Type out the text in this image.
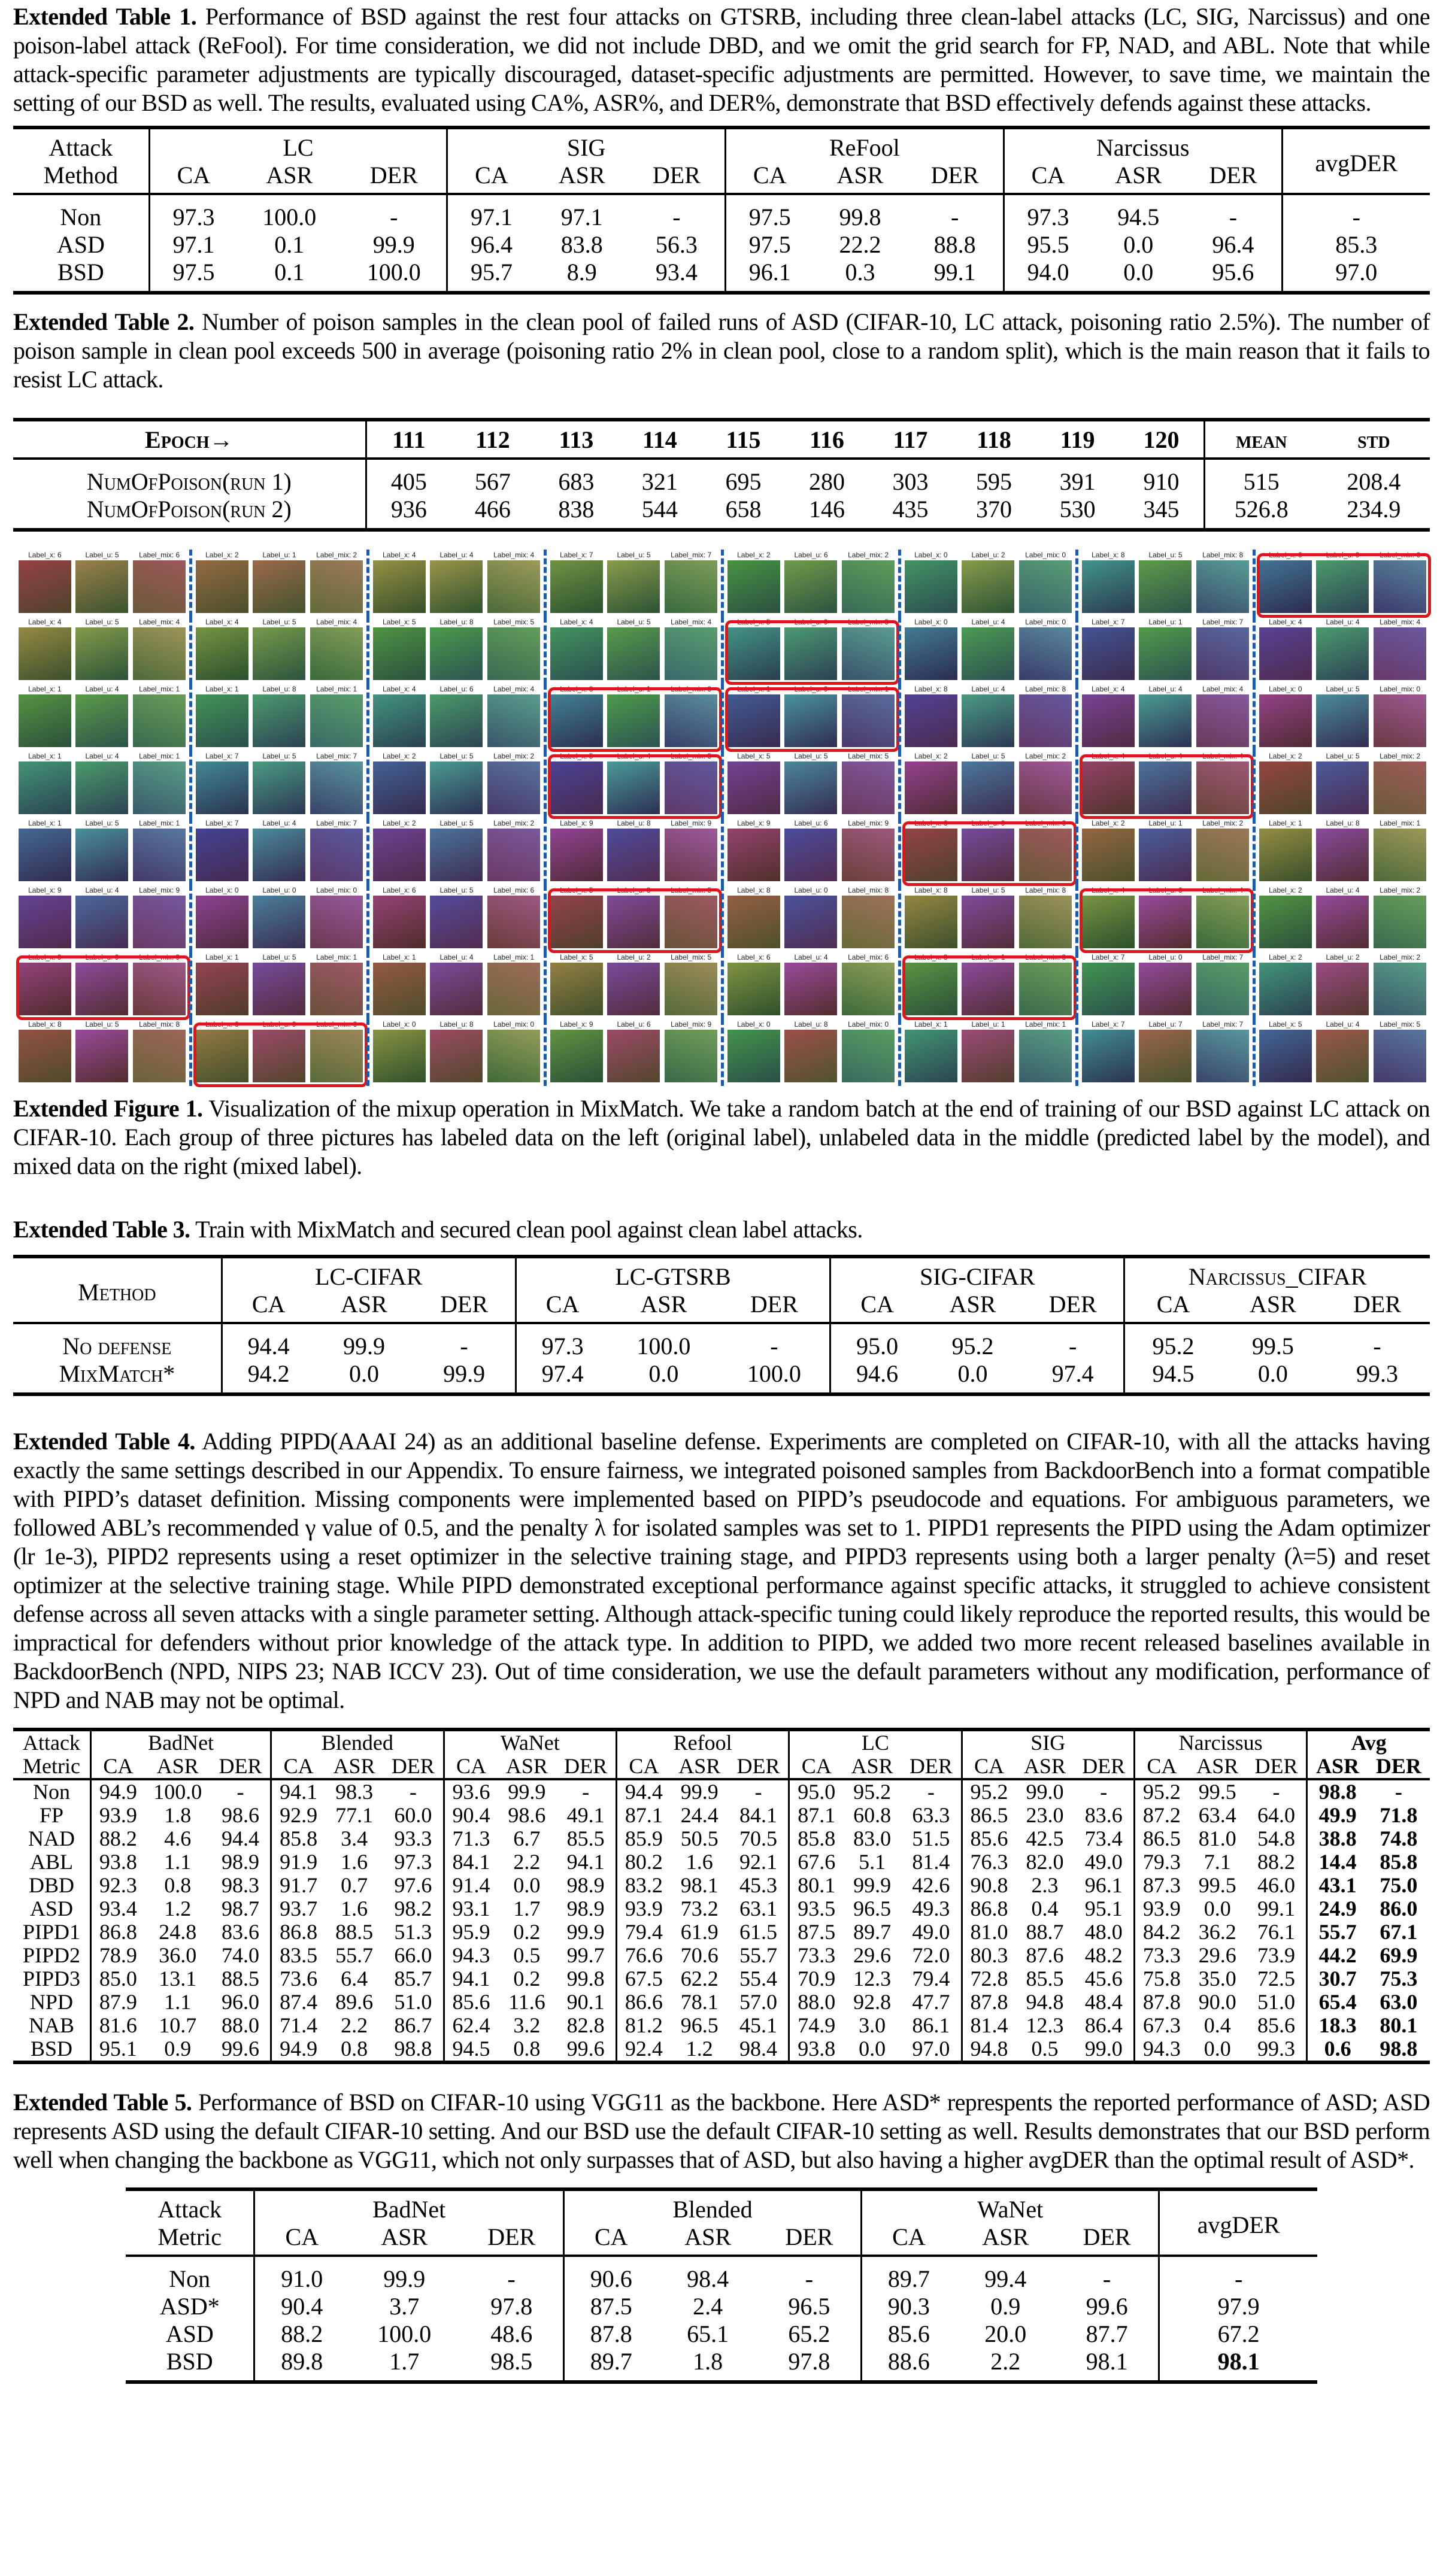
Extended Table 1. Performance of BSD against the rest four attacks on GTSRB, including three clean-label attacks (LC, SIG, Narcissus) and one poison-label attack (ReFool). For time consideration, we did not include DBD, and we omit the grid search for FP, NAD, and ABL. Note that while attack-specific parameter adjustments are typically discouraged, dataset-specific adjustments are permitted. However, to save time, we maintain the setting of our BSD as well. The results, evaluated using CA%, ASR%, and DER%, demonstrate that BSD effectively defends against these attacks.

Attack	LC			SIG			ReFool			Narcissus			avgDER
Method	CA	ASR	DER	CA	ASR	DER	CA	ASR	DER	CA	ASR	DER	
Non	97.3	100.0	-	97.1	97.1	-	97.5	99.8	-	97.3	94.5	-	-
ASD	97.1	0.1	99.9	96.4	83.8	56.3	97.5	22.2	88.8	95.5	0.0	96.4	85.3
BSD	97.5	0.1	100.0	95.7	8.9	93.4	96.1	0.3	99.1	94.0	0.0	95.6	97.0

Extended Table 2. Number of poison samples in the clean pool of failed runs of ASD (CIFAR-10, LC attack, poisoning ratio 2.5%). The number of poison sample in clean pool exceeds 500 in average (poisoning ratio 2% in clean pool, close to a random split), which is the main reason that it fails to resist LC attack.

Epoch→	111	112	113	114	115	116	117	118	119	120	mean	std
NumOfPoison(run 1)	405	567	683	321	695	280	303	595	391	910	515	208.4
NumOfPoison(run 2)	936	466	838	544	658	146	435	370	530	345	526.8	234.9
Label_x: 6	Label_u: 5	Label_mix: 6	Label_x: 2	Label_u: 1	Label_mix: 2	Label_x: 4	Label_u: 4	Label_mix: 4	Label_x: 7	Label_u: 5	Label_mix: 7	Label_x: 2	Label_u: 6	Label_mix: 2	Label_x: 0	Label_u: 2	Label_mix: 0	Label_x: 8	Label_u: 5	Label_mix: 8	Label_x: 6	Label_u: 9	Label_mix: 6
Label_x: 4	Label_u: 5	Label_mix: 4	Label_x: 4	Label_u: 5	Label_mix: 4	Label_x: 5	Label_u: 8	Label_mix: 5	Label_x: 4	Label_u: 5	Label_mix: 4	Label_x: 5	Label_u: 9	Label_mix: 5	Label_x: 0	Label_u: 4	Label_mix: 0	Label_x: 7	Label_u: 1	Label_mix: 7	Label_x: 4	Label_u: 4	Label_mix: 4
Label_x: 1	Label_u: 4	Label_mix: 1	Label_x: 1	Label_u: 8	Label_mix: 1	Label_x: 4	Label_u: 6	Label_mix: 4	Label_x: 8	Label_u: 1	Label_mix: 8	Label_x: 1	Label_u: 9	Label_mix: 1	Label_x: 8	Label_u: 4	Label_mix: 8	Label_x: 4	Label_u: 4	Label_mix: 4	Label_x: 0	Label_u: 5	Label_mix: 0
Label_x: 1	Label_u: 4	Label_mix: 1	Label_x: 7	Label_u: 5	Label_mix: 7	Label_x: 2	Label_u: 5	Label_mix: 2	Label_x: 5	Label_u: 4	Label_mix: 5	Label_x: 5	Label_u: 5	Label_mix: 5	Label_x: 2	Label_u: 5	Label_mix: 2	Label_x: 4	Label_u: 4	Label_mix: 4	Label_x: 2	Label_u: 5	Label_mix: 2
Label_x: 1	Label_u: 5	Label_mix: 1	Label_x: 7	Label_u: 4	Label_mix: 7	Label_x: 2	Label_u: 5	Label_mix: 2	Label_x: 9	Label_u: 8	Label_mix: 9	Label_x: 9	Label_u: 6	Label_mix: 9	Label_x: 6	Label_u: 9	Label_mix: 6	Label_x: 2	Label_u: 1	Label_mix: 2	Label_x: 1	Label_u: 8	Label_mix: 1
Label_x: 9	Label_u: 4	Label_mix: 9	Label_x: 0	Label_u: 0	Label_mix: 0	Label_x: 6	Label_u: 5	Label_mix: 6	Label_x: 5	Label_u: 8	Label_mix: 5	Label_x: 8	Label_u: 0	Label_mix: 8	Label_x: 8	Label_u: 5	Label_mix: 8	Label_x: 4	Label_u: 6	Label_mix: 4	Label_x: 2	Label_u: 4	Label_mix: 2
Label_x: 9	Label_u: 9	Label_mix: 9	Label_x: 1	Label_u: 5	Label_mix: 1	Label_x: 1	Label_u: 4	Label_mix: 1	Label_x: 5	Label_u: 2	Label_mix: 5	Label_x: 6	Label_u: 4	Label_mix: 6	Label_x: 8	Label_u: 1	Label_mix: 8	Label_x: 7	Label_u: 0	Label_mix: 7	Label_x: 2	Label_u: 2	Label_mix: 2
Label_x: 8	Label_u: 5	Label_mix: 8	Label_x: 6	Label_u: 9	Label_mix: 6	Label_x: 0	Label_u: 8	Label_mix: 0	Label_x: 9	Label_u: 6	Label_mix: 9	Label_x: 0	Label_u: 8	Label_mix: 0	Label_x: 1	Label_u: 1	Label_mix: 1	Label_x: 7	Label_u: 7	Label_mix: 7	Label_x: 5	Label_u: 4	Label_mix: 5

Extended Figure 1. Visualization of the mixup operation in MixMatch. We take a random batch at the end of training of our BSD against LC attack on CIFAR-10. Each group of three pictures has labeled data on the left (original label), unlabeled data in the middle (predicted label by the model), and mixed data on the right (mixed label).

Extended Table 3. Train with MixMatch and secured clean pool against clean label attacks.

Method	LC-CIFAR			LC-GTSRB			SIG-CIFAR			Narcissus_CIFAR		
	CA	ASR	DER	CA	ASR	DER	CA	ASR	DER	CA	ASR	DER
No defense	94.4	99.9	-	97.3	100.0	-	95.0	95.2	-	95.2	99.5	-
MixMatch*	94.2	0.0	99.9	97.4	0.0	100.0	94.6	0.0	97.4	94.5	0.0	99.3

Extended Table 4. Adding PIPD(AAAI 24) as an additional baseline defense. Experiments are completed on CIFAR-10, with all the attacks having exactly the same settings described in our Appendix. To ensure fairness, we integrated poisoned samples from BackdoorBench into a format compatible with PIPD’s dataset definition. Missing components were implemented based on PIPD’s pseudocode and equations. For ambiguous parameters, we followed ABL’s recommended γ value of 0.5, and the penalty λ for isolated samples was set to 1. PIPD1 represents the PIPD using the Adam optimizer (lr 1e-3), PIPD2 represents using a reset optimizer in the selective training stage, and PIPD3 represents using both a larger penalty (λ=5) and reset optimizer at the selective training stage. While PIPD demonstrated exceptional performance against specific attacks, it struggled to achieve consistent defense across all seven attacks with a single parameter setting. Although attack-specific tuning could likely reproduce the reported results, this would be impractical for defenders without prior knowledge of the attack type. In addition to PIPD, we added two more recent released baselines available in BackdoorBench (NPD, NIPS 23; NAB ICCV 23). Out of time consideration, we use the default parameters without any modification, performance of NPD and NAB may not be optimal.

Attack	BadNet			Blended			WaNet			Refool			LC			SIG			Narcissus			Avg	
Metric	CA	ASR	DER	CA	ASR	DER	CA	ASR	DER	CA	ASR	DER	CA	ASR	DER	CA	ASR	DER	CA	ASR	DER	ASR	DER
Non	94.9	100.0	-	94.1	98.3	-	93.6	99.9	-	94.4	99.9	-	95.0	95.2	-	95.2	99.0	-	95.2	99.5	-	98.8	-
FP	93.9	1.8	98.6	92.9	77.1	60.0	90.4	98.6	49.1	87.1	24.4	84.1	87.1	60.8	63.3	86.5	23.0	83.6	87.2	63.4	64.0	49.9	71.8
NAD	88.2	4.6	94.4	85.8	3.4	93.3	71.3	6.7	85.5	85.9	50.5	70.5	85.8	83.0	51.5	85.6	42.5	73.4	86.5	81.0	54.8	38.8	74.8
ABL	93.8	1.1	98.9	91.9	1.6	97.3	84.1	2.2	94.1	80.2	1.6	92.1	67.6	5.1	81.4	76.3	82.0	49.0	79.3	7.1	88.2	14.4	85.8
DBD	92.3	0.8	98.3	91.7	0.7	97.6	91.4	0.0	98.9	83.2	98.1	45.3	80.1	99.9	42.6	90.8	2.3	96.1	87.3	99.5	46.0	43.1	75.0
ASD	93.4	1.2	98.7	93.7	1.6	98.2	93.1	1.7	98.9	93.9	73.2	63.1	93.5	96.5	49.3	86.8	0.4	95.1	93.9	0.0	99.1	24.9	86.0
PIPD1	86.8	24.8	83.6	86.8	88.5	51.3	95.9	0.2	99.9	79.4	61.9	61.5	87.5	89.7	49.0	81.0	88.7	48.0	84.2	36.2	76.1	55.7	67.1
PIPD2	78.9	36.0	74.0	83.5	55.7	66.0	94.3	0.5	99.7	76.6	70.6	55.7	73.3	29.6	72.0	80.3	87.6	48.2	73.3	29.6	73.9	44.2	69.9
PIPD3	85.0	13.1	88.5	73.6	6.4	85.7	94.1	0.2	99.8	67.5	62.2	55.4	70.9	12.3	79.4	72.8	85.5	45.6	75.8	35.0	72.5	30.7	75.3
NPD	87.9	1.1	96.0	87.4	89.6	51.0	85.6	11.6	90.1	86.6	78.1	57.0	88.0	92.8	47.7	87.8	94.8	48.4	87.8	90.0	51.0	65.4	63.0
NAB	81.6	10.7	88.0	71.4	2.2	86.7	62.4	3.2	82.8	81.2	96.5	45.1	74.9	3.0	86.1	81.4	12.3	86.4	67.3	0.4	85.6	18.3	80.1
BSD	95.1	0.9	99.6	94.9	0.8	98.8	94.5	0.8	99.6	92.4	1.2	98.4	93.8	0.0	97.0	94.8	0.5	99.0	94.3	0.0	99.3	0.6	98.8

Extended Table 5. Performance of BSD on CIFAR-10 using VGG11 as the backbone. Here ASD* represpents the reported performance of ASD; ASD represents ASD using the default CIFAR-10 setting. And our BSD use the default CIFAR-10 setting as well. Results demonstrates that our BSD perform well when changing the backbone as VGG11, which not only surpasses that of ASD, but also having a higher avgDER than the optimal result of ASD*.

Attack	BadNet			Blended			WaNet			avgDER
Metric	CA	ASR	DER	CA	ASR	DER	CA	ASR	DER	
Non	91.0	99.9	-	90.6	98.4	-	89.7	99.4	-	-
ASD*	90.4	3.7	97.8	87.5	2.4	96.5	90.3	0.9	99.6	97.9
ASD	88.2	100.0	48.6	87.8	65.1	65.2	85.6	20.0	87.7	67.2
BSD	89.8	1.7	98.5	89.7	1.8	97.8	88.6	2.2	98.1	98.1
